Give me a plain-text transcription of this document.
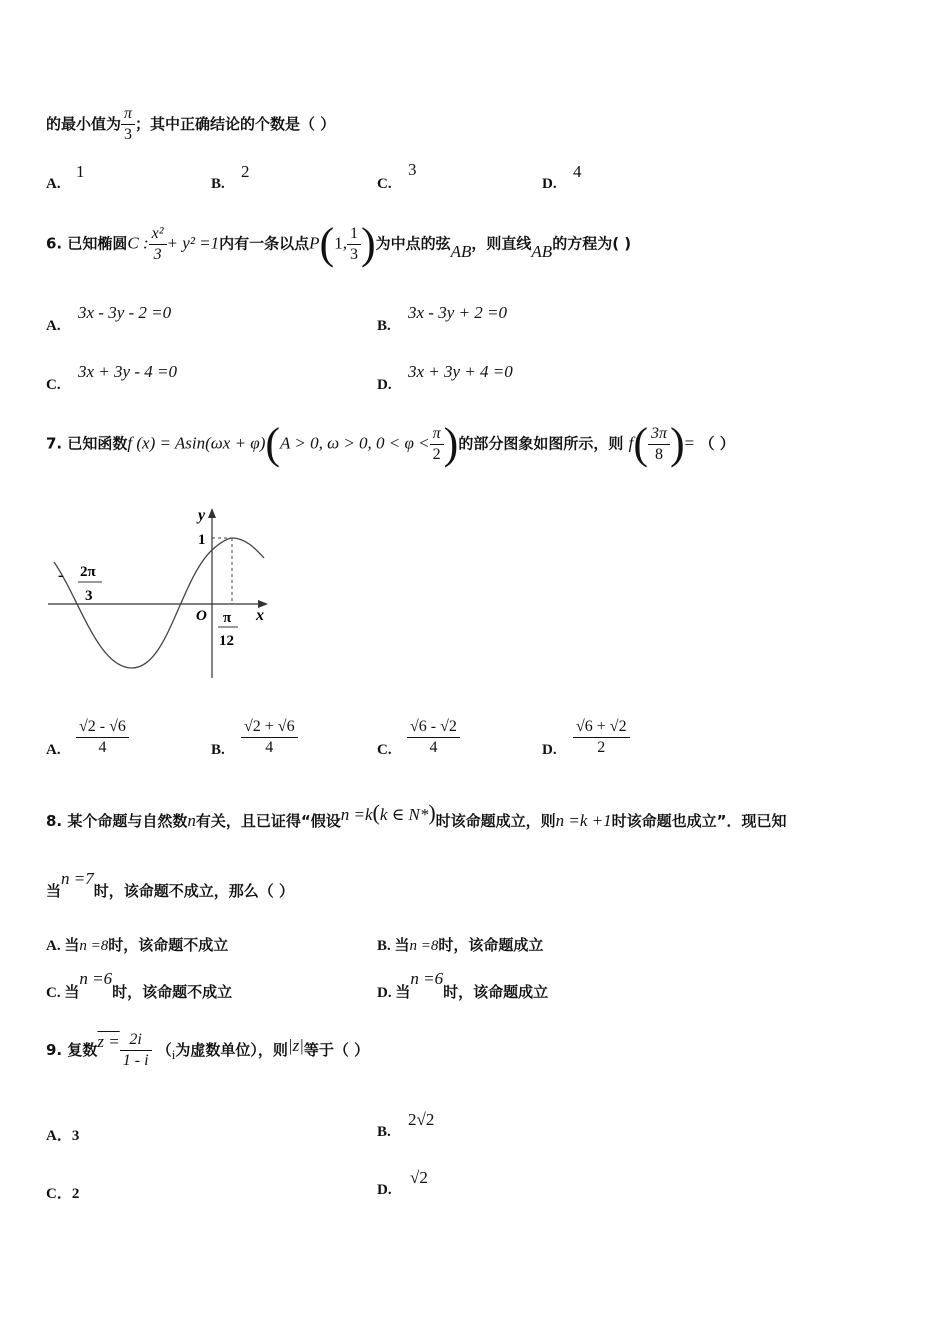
的最小值为 $\frac{\pi}{3}$ ；其中正确结论的个数是（ ）
A.
1
B.
2
C.
3
D.
4
6. 已知椭圆C : $\frac{\text{x²}}{3} + y^2 =1$内有一条以点P(1, $\frac{1}{3}$ )为中点的弦AB，则直线AB的方程为( )
A.
3x - 3y - 2 =0
B.
3x - 3y + 2 =0
C.
3x + 3y - 4 =0
D.
3x + 3y + 4 =0
7. 已知函数f (x) = Asin(ωx + φ)(A > 0, ω > 0, $0 < \varphi < \frac{\pi}{2}$ )的部分图象如图所示，则 $f( \frac{3\pi}{8}$ )= （ ）
y
x
O
1
- 2π
3
π
12
A. $\frac{√2 - √6}{4}$	B. $\frac{√2 + √6}{4}$	C. $\frac{√6 - √2}{4}$	D. $\frac{√6 + √2}{2}$
8. 某个命题与自然数n有关，且已证得“假设n =k(k ∈ N*)时该命题成立，则n =k +1时该命题也成立”．现已知
当n =7时，该命题不成立，那么（ ）
A. 当n =8时，该命题不成立	B. 当n =8时，该命题成立
C. 当n =6时，该命题不成立	D. 当n =6时，该命题成立
9. 复数$z = \frac{2i}{1 - i} (i$为虚数单位），则|z|等于（ ）
A．3	B.
2√2
C．2	D.
√2
